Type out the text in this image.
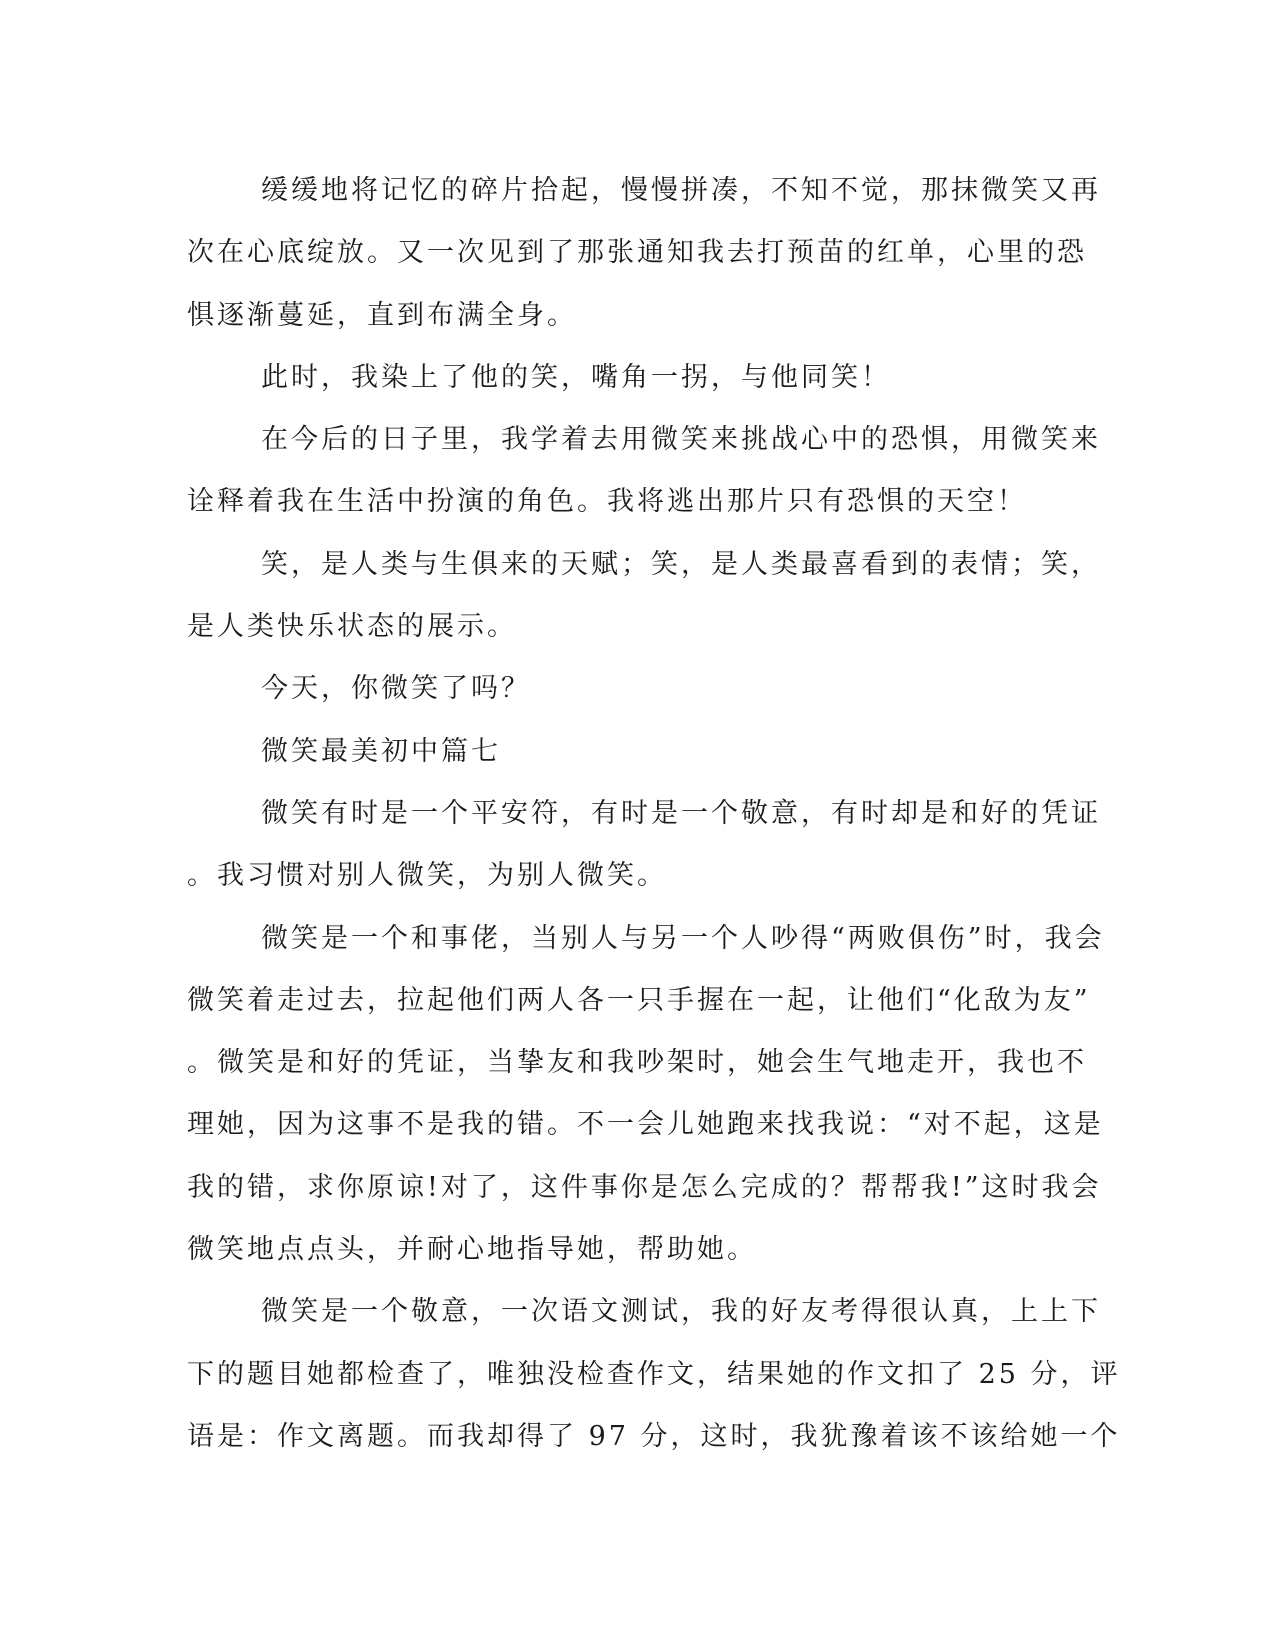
缓缓地将记忆的碎片拾起，慢慢拼凑，不知不觉，那抹微笑又再
次在心底绽放。又一次见到了那张通知我去打预苗的红单，心里的恐
惧逐渐蔓延，直到布满全身。
此时，我染上了他的笑，嘴角一拐，与他同笑！
在今后的日子里，我学着去用微笑来挑战心中的恐惧，用微笑来
诠释着我在生活中扮演的角色。我将逃出那片只有恐惧的天空！
笑，是人类与生俱来的天赋；笑，是人类最喜看到的表情；笑，
是人类快乐状态的展示。
今天，你微笑了吗？
微笑最美初中篇七
微笑有时是一个平安符，有时是一个敬意，有时却是和好的凭证
。我习惯对别人微笑，为别人微笑。
微笑是一个和事佬，当别人与另一个人吵得“两败俱伤”时，我会
微笑着走过去，拉起他们两人各一只手握在一起，让他们“化敌为友”
。微笑是和好的凭证，当挚友和我吵架时，她会生气地走开，我也不
理她，因为这事不是我的错。不一会儿她跑来找我说：“对不起，这是
我的错，求你原谅!对了，这件事你是怎么完成的？帮帮我!”这时我会
微笑地点点头，并耐心地指导她，帮助她。
微笑是一个敬意，一次语文测试，我的好友考得很认真，上上下
下的题目她都检查了，唯独没检查作文，结果她的作文扣了 25 分，评
语是：作文离题。而我却得了 97 分，这时，我犹豫着该不该给她一个
